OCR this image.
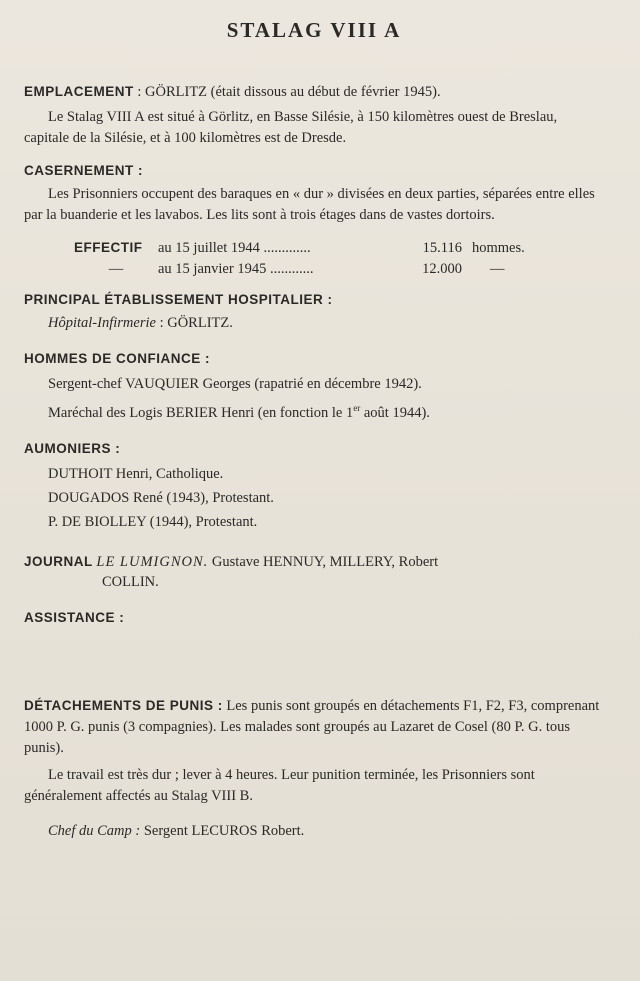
STALAG VIII A
EMPLACEMENT : GÖRLITZ (était dissous au début de février 1945).
Le Stalag VIII A est situé à Görlitz, en Basse Silésie, à 150 kilomètres ouest de Breslau, capitale de la Silésie, et à 100 kilomètres est de Dresde.
CASERNEMENT :
Les Prisonniers occupent des baraques en « dur » divisées en deux parties, séparées entre elles par la buanderie et les lavabos. Les lits sont à trois étages dans de vastes dortoirs.
EFFECTIF	au 15 juillet 1944 .............	15.116	hommes.
—	au 15 janvier 1945 ............	12.000	—
PRINCIPAL ÉTABLISSEMENT HOSPITALIER :
Hôpital-Infirmerie : GÖRLITZ.
HOMMES DE CONFIANCE :
Sergent-chef VAUQUIER Georges (rapatrié en décembre 1942).
Maréchal des Logis BERIER Henri (en fonction le 1er août 1944).
AUMONIERS :
DUTHOIT Henri, Catholique.
DOUGADOS René (1943), Protestant.
P. DE BIOLLEY (1944), Protestant.
JOURNAL LE LUMIGNON. Gustave HENNUY, MILLERY, Robert
COLLIN.
ASSISTANCE :
DÉTACHEMENTS DE PUNIS : Les punis sont groupés en détachements F1, F2, F3, comprenant 1000 P. G. punis (3 compagnies). Les malades sont groupés au Lazaret de Cosel (80 P. G. tous punis).
Le travail est très dur ; lever à 4 heures. Leur punition terminée, les Prisonniers sont généralement affectés au Stalag VIII B.
Chef du Camp : Sergent LECUROS Robert.
